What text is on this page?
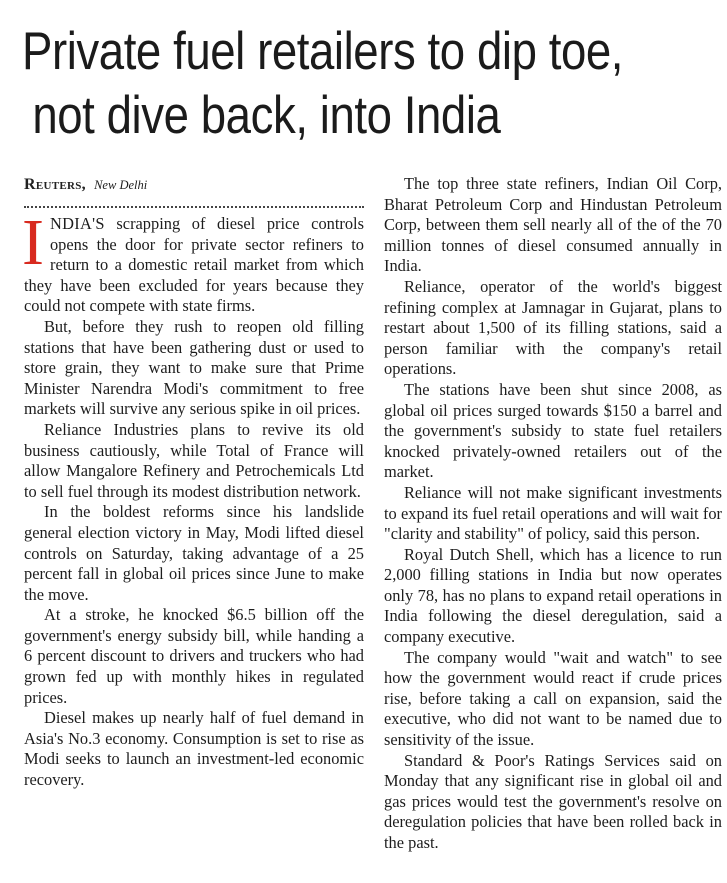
Private fuel retailers to dip toe,
not dive back, into India
Reuters, New Delhi

INDIA'S scrapping of diesel price controls opens the door for private sector refiners to return to a domestic retail market from which they have been excluded for years because they could not compete with state firms.

But, before they rush to reopen old filling stations that have been gathering dust or used to store grain, they want to make sure that Prime Minister Narendra Modi's commitment to free markets will survive any serious spike in oil prices.

Reliance Industries plans to revive its old business cautiously, while Total of France will allow Mangalore Refinery and Petrochemicals Ltd to sell fuel through its modest distribution network.

In the boldest reforms since his landslide general election victory in May, Modi lifted diesel controls on Saturday, taking advantage of a 25 percent fall in global oil prices since June to make the move.

At a stroke, he knocked $6.5 billion off the government's energy subsidy bill, while handing a 6 percent discount to drivers and truckers who had grown fed up with monthly hikes in regulated prices.

Diesel makes up nearly half of fuel demand in Asia's No.3 economy. Consumption is set to rise as Modi seeks to launch an investment-led economic recovery.

The top three state refiners, Indian Oil Corp, Bharat Petroleum Corp and Hindustan Petroleum Corp, between them sell nearly all of the of the 70 million tonnes of diesel consumed annually in India.

Reliance, operator of the world's biggest refining complex at Jamnagar in Gujarat, plans to restart about 1,500 of its filling stations, said a person familiar with the company's retail operations.

The stations have been shut since 2008, as global oil prices surged towards $150 a barrel and the government's subsidy to state fuel retailers knocked privately-owned retailers out of the market.

Reliance will not make significant investments to expand its fuel retail operations and will wait for "clarity and stability" of policy, said this person.

Royal Dutch Shell, which has a licence to run 2,000 filling stations in India but now operates only 78, has no plans to expand retail operations in India following the diesel deregulation, said a company executive.

The company would "wait and watch" to see how the government would react if crude prices rise, before taking a call on expansion, said the executive, who did not want to be named due to sensitivity of the issue.

Standard & Poor's Ratings Services said on Monday that any significant rise in global oil and gas prices would test the government's resolve on deregulation policies that have been rolled back in the past.
